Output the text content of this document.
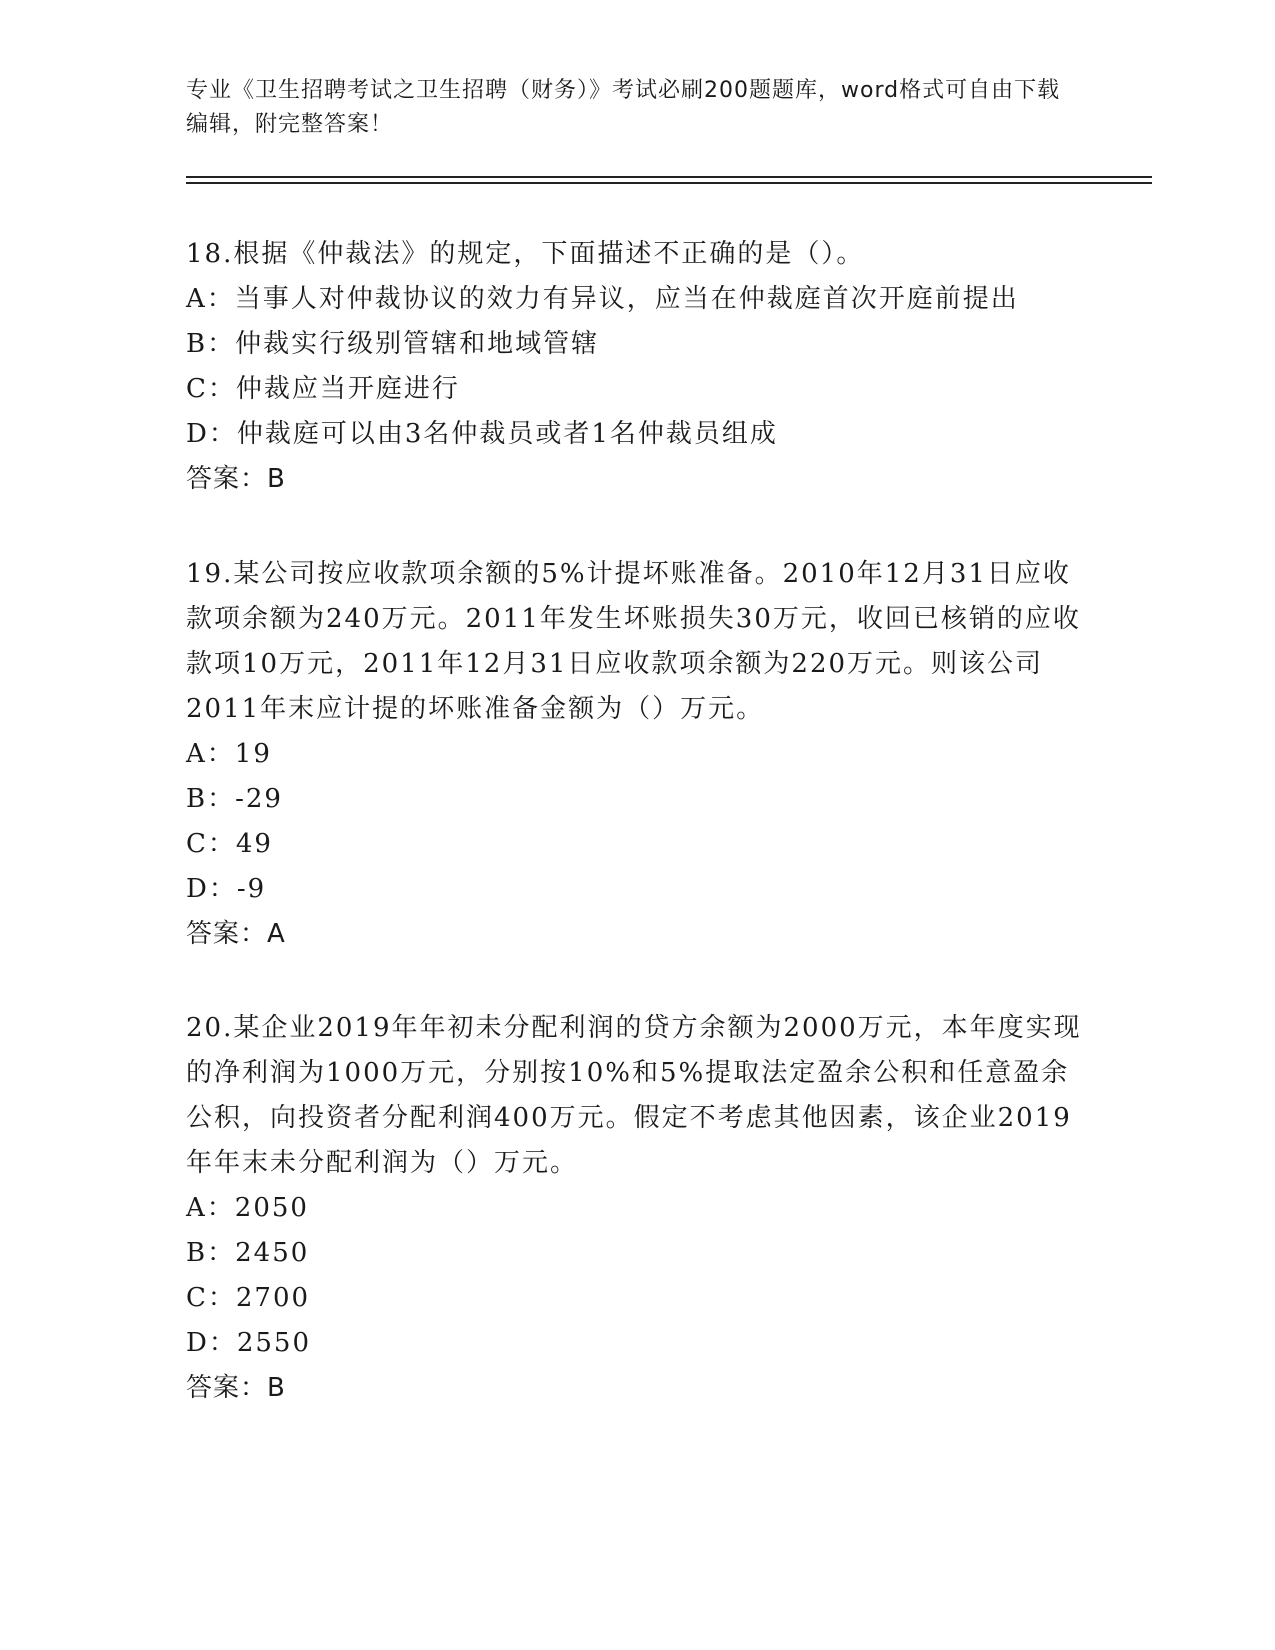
专业《卫生招聘考试之卫生招聘（财务）》考试必刷200题题库，word格式可自由下载编辑，附完整答案！
18.根据《仲裁法》的规定，下面描述不正确的是（）。
A：当事人对仲裁协议的效力有异议，应当在仲裁庭首次开庭前提出
B：仲裁实行级别管辖和地域管辖
C：仲裁应当开庭进行
D：仲裁庭可以由3名仲裁员或者1名仲裁员组成
答案：B
19.某公司按应收款项余额的5%计提坏账准备。2010年12月31日应收款项余额为240万元。2011年发生坏账损失30万元，收回已核销的应收款项10万元，2011年12月31日应收款项余额为220万元。则该公司2011年末应计提的坏账准备金额为（）万元。
A：19
B：-29
C：49
D：-9
答案：A
20.某企业2019年年初未分配利润的贷方余额为2000万元，本年度实现的净利润为1000万元，分别按10%和5%提取法定盈余公积和任意盈余公积，向投资者分配利润400万元。假定不考虑其他因素，该企业2019年年末未分配利润为（）万元。
A：2050
B：2450
C：2700
D：2550
答案：B
